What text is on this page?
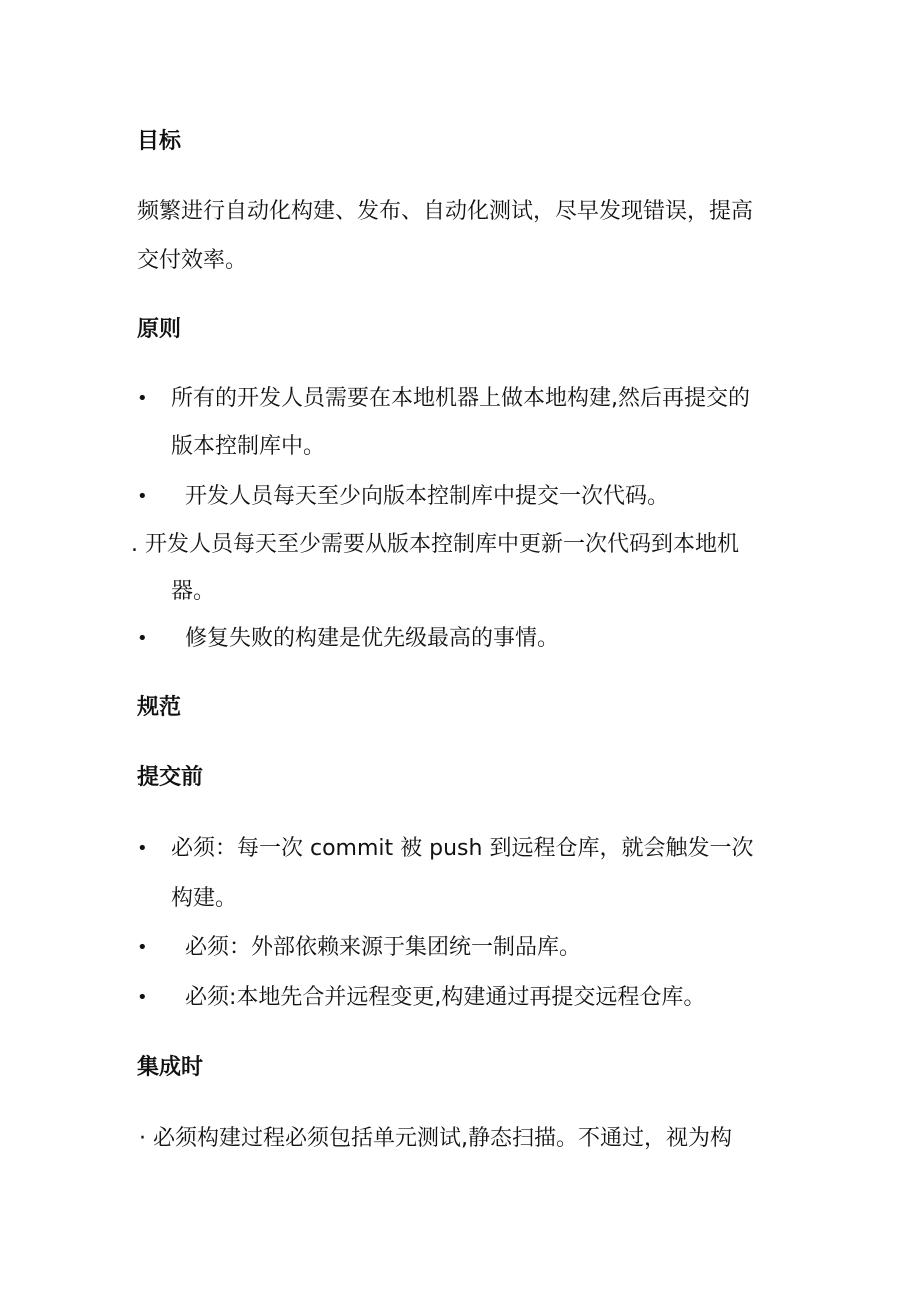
目标
频繁进行自动化构建、发布、自动化测试，尽早发现错误，提高
交付效率。
原则
• 所有的开发人员需要在本地机器上做本地构建,然后再提交的
版本控制库中。
• 开发人员每天至少向版本控制库中提交一次代码。
. 开发人员每天至少需要从版本控制库中更新一次代码到本地机
器。
• 修复失败的构建是优先级最高的事情。
规范
提交前
• 必须：每一次 commit 被 push 到远程仓库，就会触发一次
构建。
• 必须：外部依赖来源于集团统一制品库。
• 必须:本地先合并远程变更,构建通过再提交远程仓库。
集成时
· 必须构建过程必须包括单元测试,静态扫描。不通过，视为构
